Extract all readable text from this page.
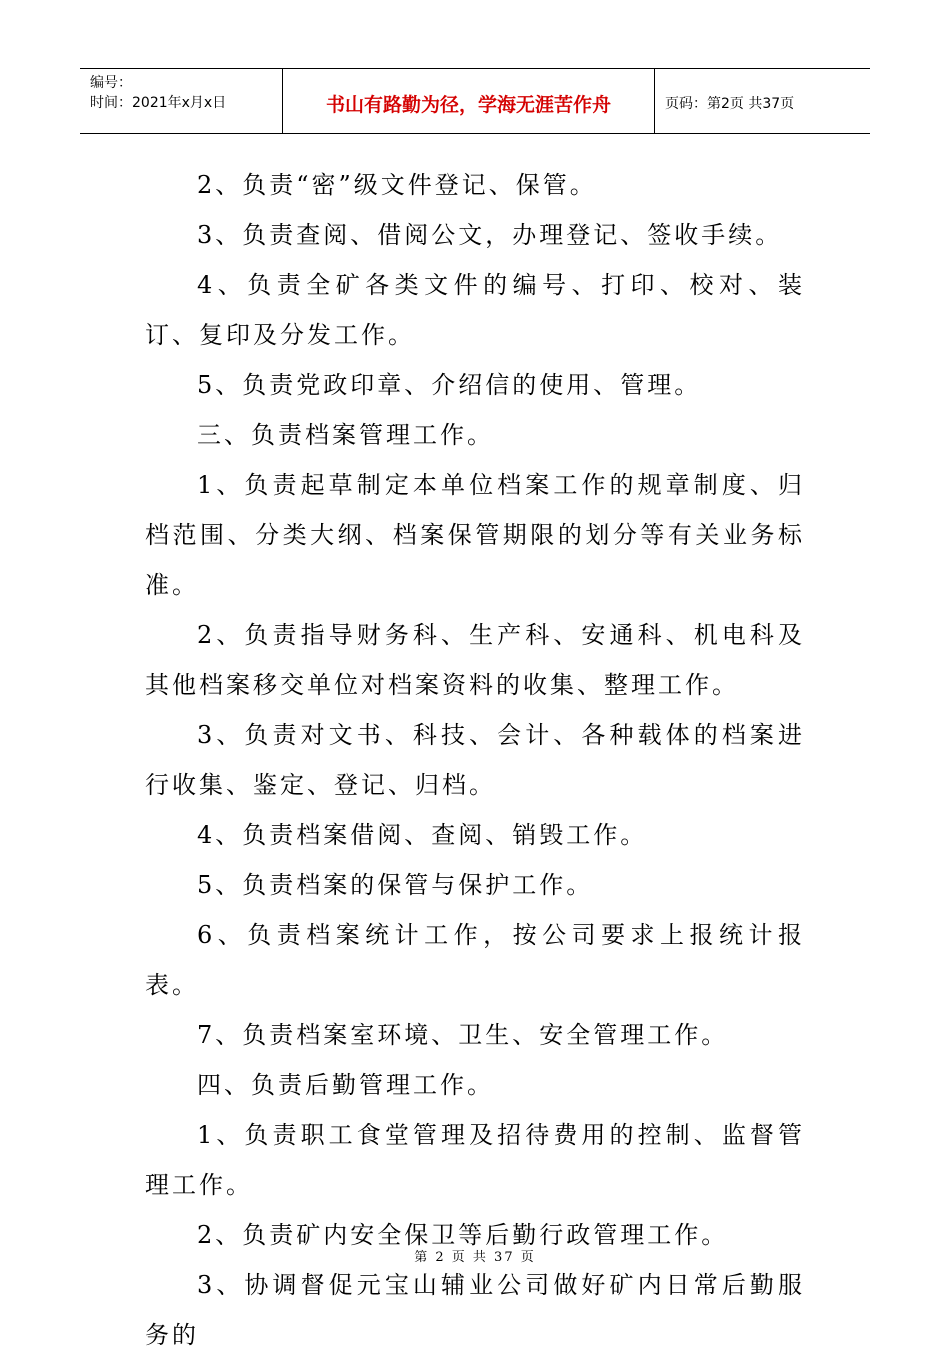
编号：
时间：2021年x月x日	书山有路勤为径，学海无涯苦作舟	页码：第2页 共37页

2、负责“密”级文件登记、保管。

3、负责查阅、借阅公文，办理登记、签收手续。

4、负责全矿各类文件的编号、打印、校对、装订、复印及分发工作。

5、负责党政印章、介绍信的使用、管理。

三、负责档案管理工作。

1、负责起草制定本单位档案工作的规章制度、归档范围、分类大纲、档案保管期限的划分等有关业务标准。

2、负责指导财务科、生产科、安通科、机电科及其他档案移交单位对档案资料的收集、整理工作。

3、负责对文书、科技、会计、各种载体的档案进行收集、鉴定、登记、归档。

4、负责档案借阅、查阅、销毁工作。

5、负责档案的保管与保护工作。

6、负责档案统计工作，按公司要求上报统计报表。

7、负责档案室环境、卫生、安全管理工作。

四、负责后勤管理工作。

1、负责职工食堂管理及招待费用的控制、监督管理工作。

2、负责矿内安全保卫等后勤行政管理工作。

3、协调督促元宝山辅业公司做好矿内日常后勤服务的

第 2 页 共 37 页
